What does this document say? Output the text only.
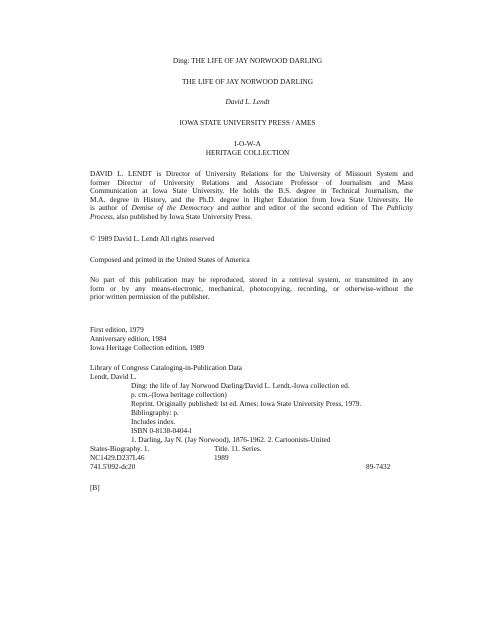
Ding: THE LIFE OF JAY NORWOOD DARLING
THE LIFE OF JAY NORWOOD DARLING
David L. Lendt
IOWA STATE UNIVERSITY PRESS / AMES
I-O-W-A
HERITAGE COLLECTION
DAVID L. LENDT is Director of University Relations for the University of Missouri System and
former Director of University Relations and Associate Professor of Journalism and Mass
Communication at Iowa State University. He holds the B.S. degree in Technical Journalism, the
M.A. degree in History, and the Ph.D. degree in Higher Education from Iowa State University. He
is author of Demise of the Democracy and author and editor of the second edition of The Publicity
Process, also published by Iowa State University Press.
© 1989 David L. Lendt All rights reserved
Composed and printed in the United States of America
No part of this publication may be reproduced, stored in a retrieval system, or transmitted in any
form or by any means-electronic, mechanical, photocopying, recording, or otherwise-without the
prior written permission of the publisher.
First edition, 1979
Anniversary edition, 1984
Iowa Heritage Collection edition, 1989
Library of Congress Cataloging-in-Publication Data
Lendt, David L.
Ding: the life of Jay Norwood Darling/David L. Lendt.-Iowa collection ed.
p. cm.-(Iowa heritage collection)
Reprint. Originally published: lst ed. Ames: Iowa State University Press, 1979.
Bibliography: p.
Includes index.
ISBN 0-8138-0404-l
1. Darling, Jay N. (Jay Norwood), 1876-1962. 2. Cartoonists-United
States-Biography. 1.	Title. 11. Series.
NC1429.D237L46	1989
741.5'092-dc20	89-7432
[B]
